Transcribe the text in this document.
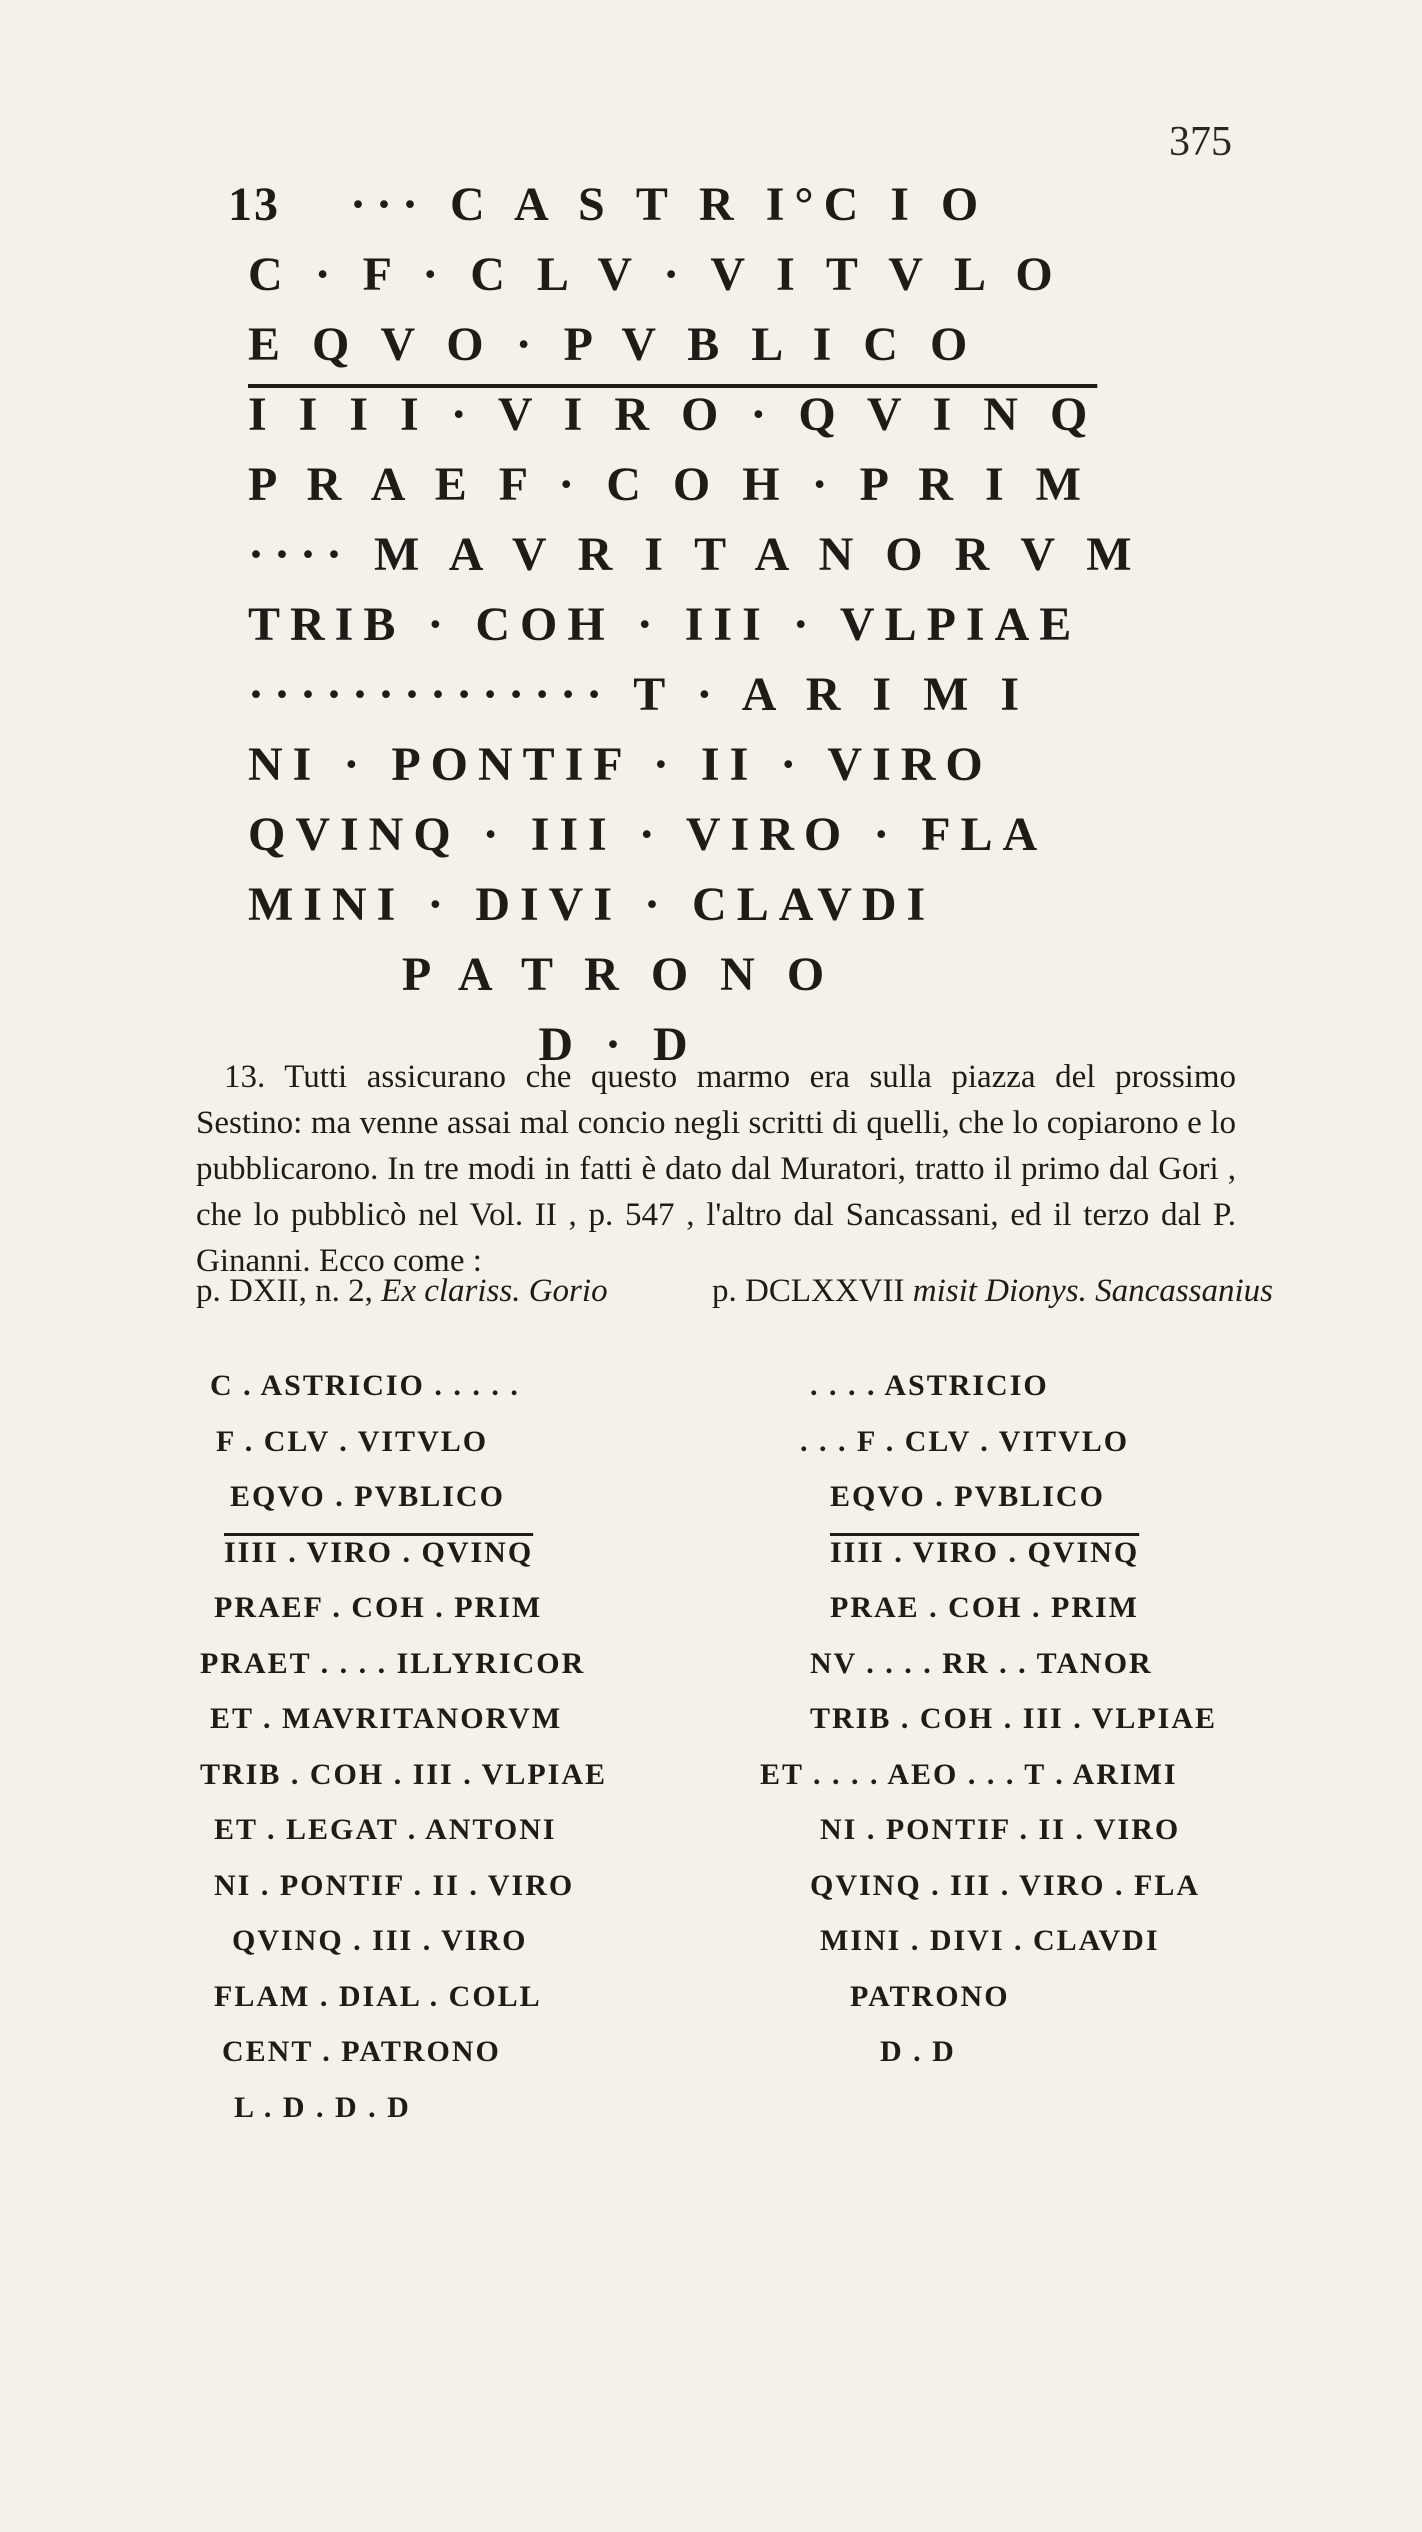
375
13	··· C A S T R I°C I O
C · F · C L V · V I T V L O
E Q V O · P V B L I C O
I I I I · V I R O · Q V I N Q
P R A E F · C O H · P R I M
···· M A V R I T A N O R V M
TRIB · COH · III · VLPIAE
·············· T · A R I M I
NI · PONTIF · II · VIRO
QVINQ · III · VIRO · FLA
MINI · DIVI · CLAVDI
P A T R O N O
D · D
13. Tutti assicurano che questo marmo era sulla piazza del prossimo Sestino: ma venne assai mal concio negli scritti di quelli, che lo copiarono e lo pubblicarono. In tre modi in fatti è dato dal Muratori, tratto il primo dal Gori , che lo pubblicò nel Vol. II , p. 547 , l'altro dal Sancassani, ed il terzo dal P. Ginanni. Ecco come :
p. DXII, n. 2, Ex clariss. Gorio	p. DCLXXVII misit Dionys. Sancassanius
C . ASTRICIO . . . . .
F . CLV . VITVLO
EQVO . PVBLICO
IIII . VIRO . QVINQ
PRAEF . COH . PRIM
PRAET . . . . ILLYRICOR
ET . MAVRITANORVM
TRIB . COH . III . VLPIAE
ET . LEGAT . ANTONI
NI . PONTIF . II . VIRO
QVINQ . III . VIRO
FLAM . DIAL . COLL
CENT . PATRONO
L . D . D . D
. . . . ASTRICIO
. . . F . CLV . VITVLO
EQVO . PVBLICO
IIII . VIRO . QVINQ
PRAE . COH . PRIM
NV . . . . RR . . TANOR
TRIB . COH . III . VLPIAE
ET . . . . AEO . . . T . ARIMI
NI . PONTIF . II . VIRO
QVINQ . III . VIRO . FLA
MINI . DIVI . CLAVDI
PATRONO
D . D
